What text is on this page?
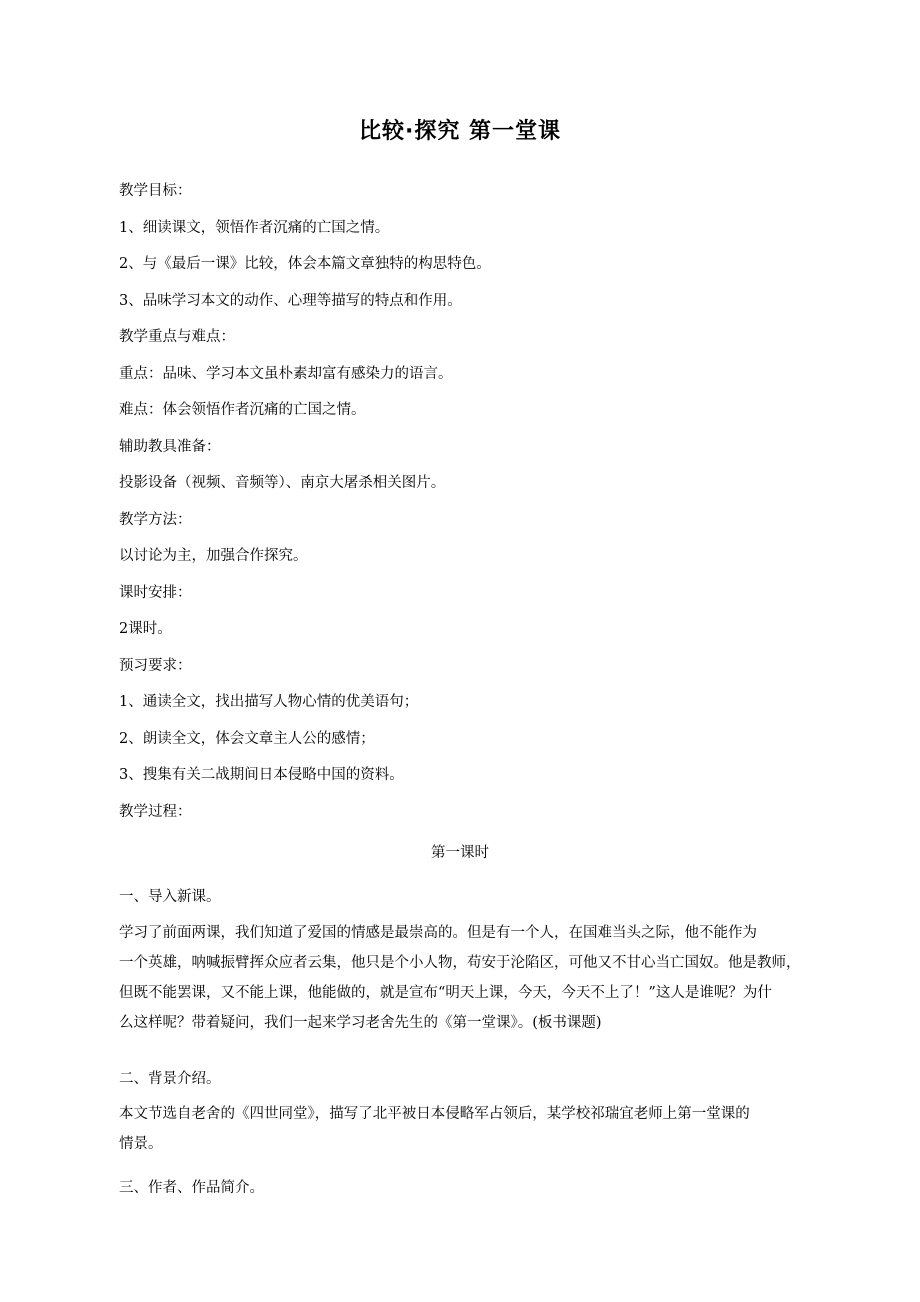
比较·探究 第一堂课

教学目标：

1、细读课文，领悟作者沉痛的亡国之情。

2、与《最后一课》比较，体会本篇文章独特的构思特色。

3、品味学习本文的动作、心理等描写的特点和作用。

教学重点与难点：

重点：品味、学习本文虽朴素却富有感染力的语言。

难点：体会领悟作者沉痛的亡国之情。

辅助教具准备：

投影设备（视频、音频等）、南京大屠杀相关图片。

教学方法：

以讨论为主，加强合作探究。

课时安排：

2课时。

预习要求：

1、通读全文，找出描写人物心情的优美语句；

2、朗读全文，体会文章主人公的感情；

3、搜集有关二战期间日本侵略中国的资料。

教学过程：

第一课时

一、导入新课。

学习了前面两课，我们知道了爱国的情感是最崇高的。但是有一个人，在国难当头之际，他不能作为

一个英雄，呐喊振臂挥众应者云集，他只是个小人物，苟安于沦陷区，可他又不甘心当亡国奴。他是教师，

但既不能罢课，又不能上课，他能做的，就是宣布“明天上课，今天，今天不上了！”这人是谁呢？为什

么这样呢？带着疑问，我们一起来学习老舍先生的《第一堂课》。(板书课题)

二、背景介绍。

本文节选自老舍的《四世同堂》，描写了北平被日本侵略军占领后，某学校祁瑞宜老师上第一堂课的

情景。

三、作者、作品简介。
